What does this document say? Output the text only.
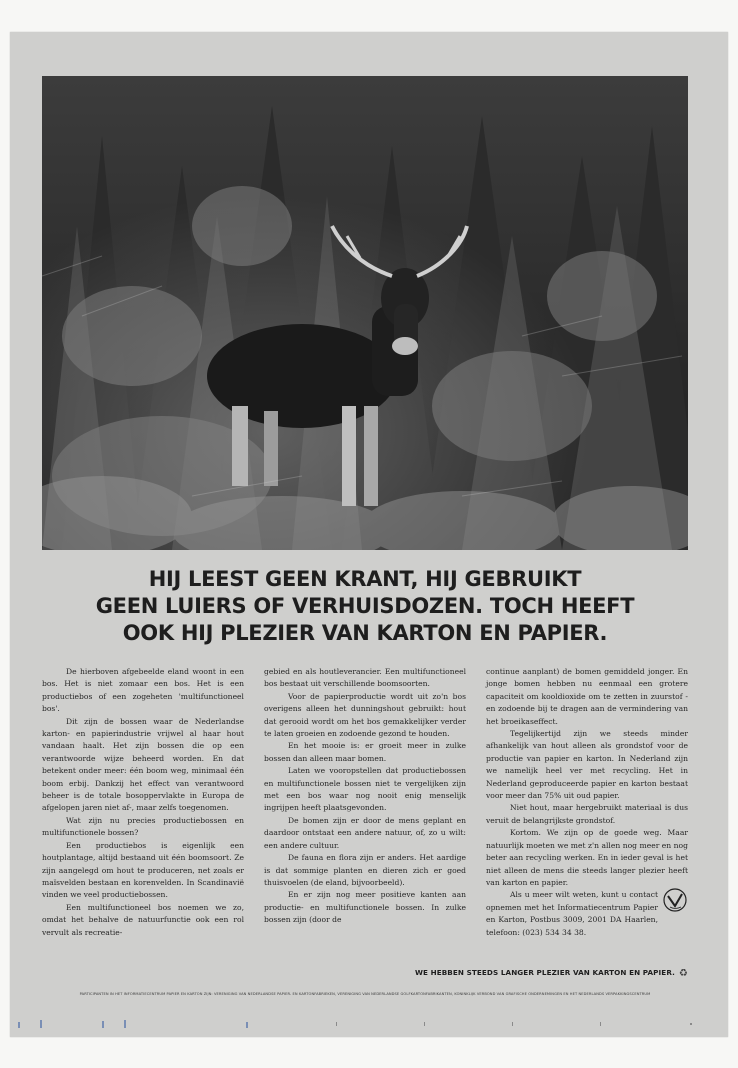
HIJ LEEST GEEN KRANT, HIJ GEBRUIKT
GEEN LUIERS OF VERHUISDOZEN. TOCH HEEFT
OOK HIJ PLEZIER VAN KARTON EN PAPIER.

De hierboven afgebeelde eland woont in een bos. Het is niet zomaar een bos. Het is een productiebos of een zogeheten 'multifunctioneel bos'.

Dit zijn de bossen waar de Nederlandse karton- en papierindustrie vrijwel al haar hout vandaan haalt. Het zijn bossen die op een verantwoorde wijze beheerd worden. En dat betekent onder meer: één boom weg, minimaal één boom erbij. Dankzij het effect van verantwoord beheer is de totale bosoppervlakte in Europa de afgelopen jaren niet af-, maar zelfs toegenomen.

Wat zijn nu precies productiebossen en multifunctionele bossen?

Een productiebos is eigenlijk een houtplantage, altijd bestaand uit één boomsoort. Ze zijn aangelegd om hout te produceren, net zoals er maïsvelden bestaan en korenvelden. In Scandinavië vinden we veel productiebossen.

Een multifunctioneel bos noemen we zo, omdat het behalve de natuurfunctie ook een rol vervult als recreatie-

gebied en als houtleverancier. Een multifunctioneel bos bestaat uit verschillende boomsoorten.

Voor de papierproductie wordt uit zo'n bos overigens alleen het dunningshout gebruikt: hout dat gerooid wordt om het bos gemakkelijker verder te laten groeien en zodoende gezond te houden.

En het mooie is: er groeit meer in zulke bossen dan alleen maar bomen.

Laten we vooropstellen dat productiebossen en multifunctionele bossen niet te vergelijken zijn met een bos waar nog nooit enig menselijk ingrijpen heeft plaatsgevonden.

De bomen zijn er door de mens geplant en daardoor ontstaat een andere natuur, of, zo u wilt: een andere cultuur.

De fauna en flora zijn er anders. Het aardige is dat sommige planten en dieren zich er goed thuisvoelen (de eland, bijvoorbeeld).

En er zijn nog meer positieve kanten aan productie- en multifunctionele bossen. In zulke bossen zijn (door de

continue aanplant) de bomen gemiddeld jonger. En jonge bomen hebben nu eenmaal een grotere capaciteit om kooldioxide om te zetten in zuurstof - en zodoende bij te dragen aan de vermindering van het broeikaseffect.

Tegelijkertijd zijn we steeds minder afhankelijk van hout alleen als grondstof voor de productie van papier en karton. In Nederland zijn we namelijk heel ver met recycling. Het in Nederland geproduceerde papier en karton bestaat voor meer dan 75% uit oud papier.

Niet hout, maar hergebruikt materiaal is dus veruit de belangrijkste grondstof.

Kortom. We zijn op de goede weg. Maar natuurlijk moeten we met z'n allen nog meer en nog beter aan recycling werken. En in ieder geval is het niet alleen de mens die steeds langer plezier heeft van karton en papier.

Als u meer wilt weten, kunt u contact opnemen met het Informatiecentrum Papier en Karton, Postbus 3009, 2001 DA Haarlen, telefoon: (023) 534 34 38.

WE HEBBEN STEEDS LANGER PLEZIER VAN KARTON EN PAPIER. ♻
PARTICIPANTEN IN HET INFORMATIECENTRUM PAPIER EN KARTON ZIJN: VERENIGING VAN NEDERLANDSE PAPIER- EN KARTONFABRIEKEN, VERENIGING VAN NEDERLANDSE GOLFKARTONFABRIKANTEN, KONINKLIJK VERBOND VAN GRAFISCHE ONDERNEMINGEN EN HET NEDERLANDS VERPAKKINGSCENTRUM
